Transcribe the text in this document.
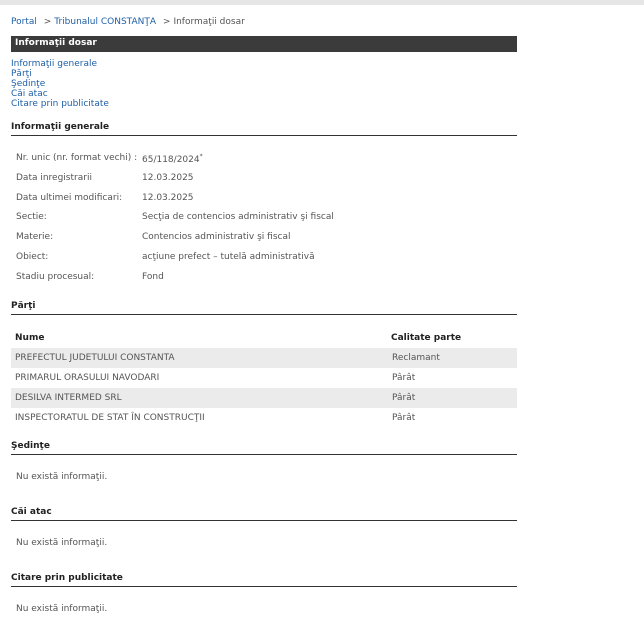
Portal > Tribunalul CONSTANŢA > Informaţii dosar
Informaţii dosar
Informaţii generale
Părţi
Şedinţe
Căi atac
Citare prin publicitate
Informaţii generale
Nr. unic (nr. format vechi) : 65/118/2024*
Data inregistrarii	12.03.2025
Data ultimei modificari: 12.03.2025
Sectie:	Secţia de contencios administrativ şi fiscal
Materie:	Contencios administrativ şi fiscal
Obiect:	acţiune prefect – tutelă administrativă
Stadiu procesual:	Fond
Părţi
Nume	Calitate parte
PREFECTUL JUDETULUI CONSTANTA	Reclamant
PRIMARUL ORASULUI NAVODARI	Pârât
DESILVA INTERMED SRL	Pârât
INSPECTORATUL DE STAT ÎN CONSTRUCŢII	Pârât
Şedinţe
Nu există informaţii.
Căi atac
Nu există informaţii.
Citare prin publicitate
Nu există informaţii.
